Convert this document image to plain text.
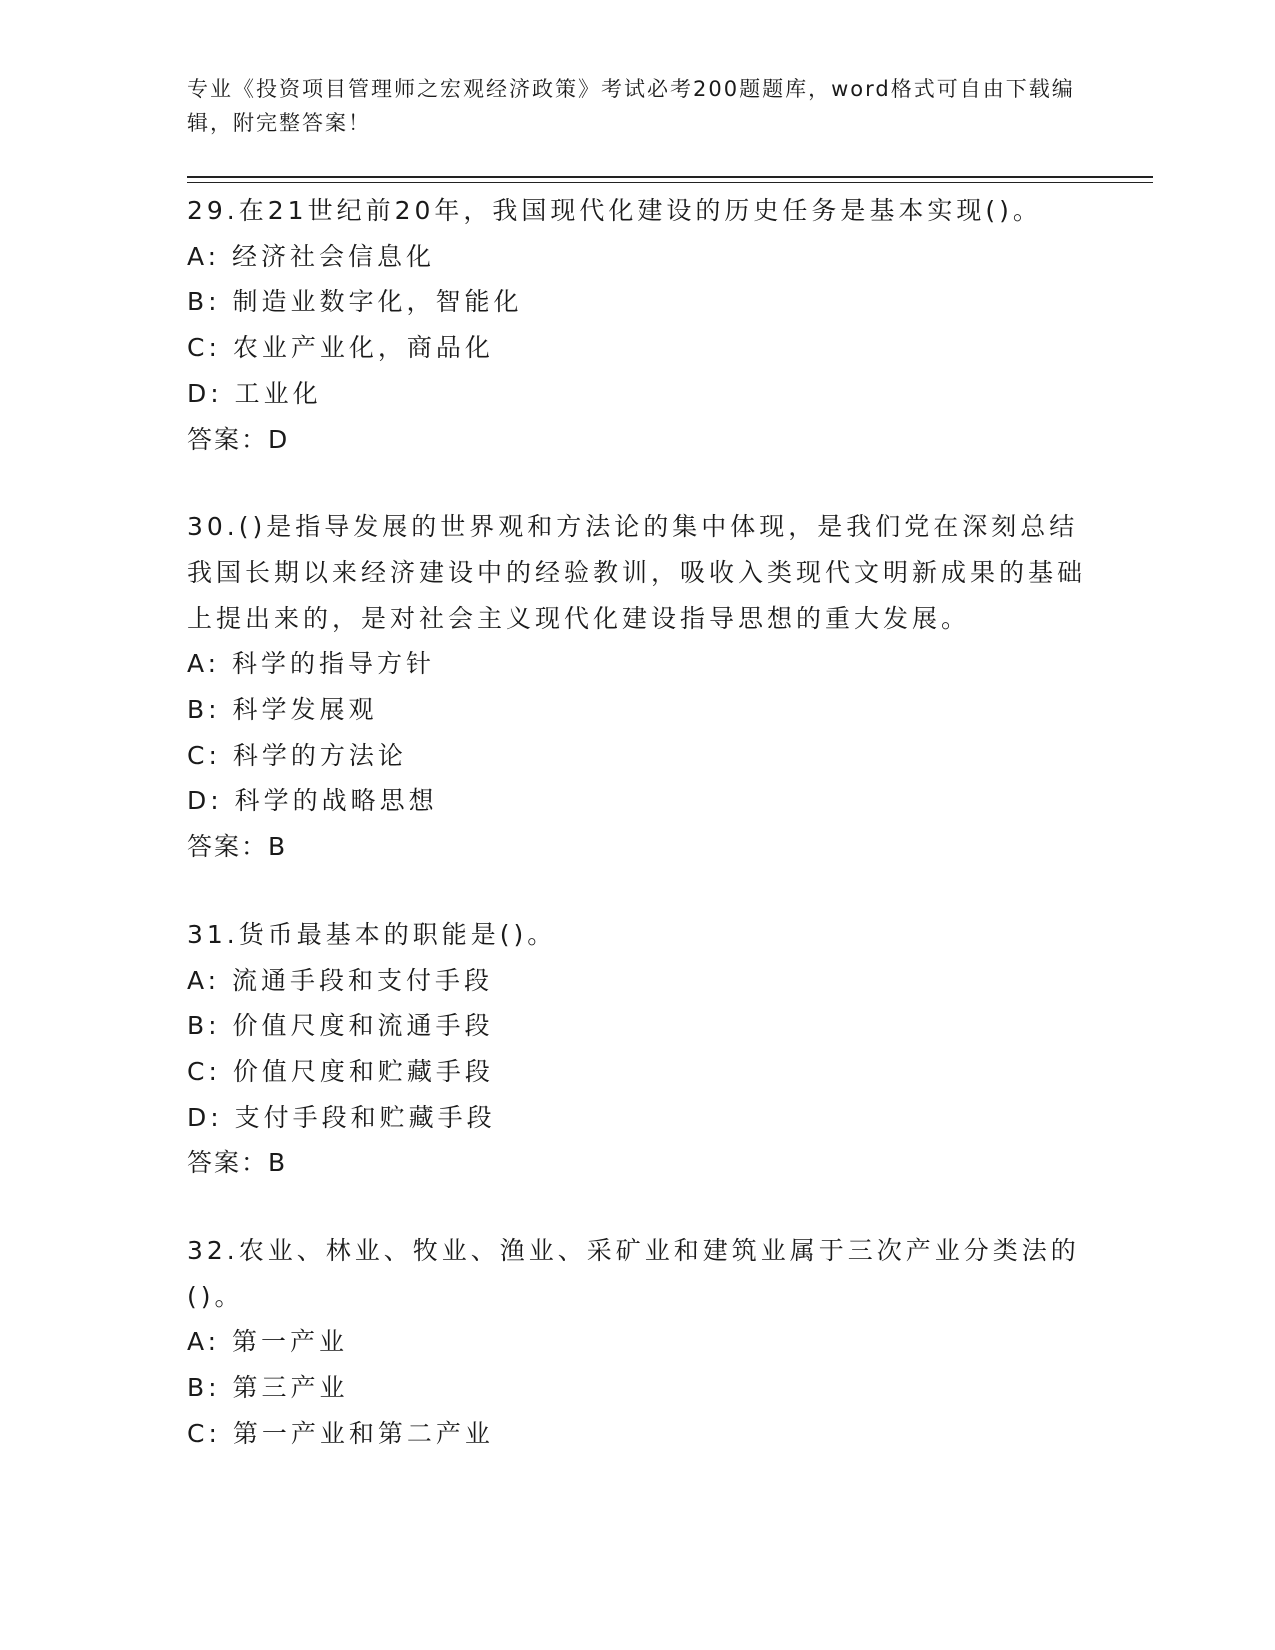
专业《投资项目管理师之宏观经济政策》考试必考200题题库，word格式可自由下载编辑，附完整答案！
29.在21世纪前20年，我国现代化建设的历史任务是基本实现()。
A: 经济社会信息化
B: 制造业数字化，智能化
C: 农业产业化，商品化
D: 工业化
答案：D
30.()是指导发展的世界观和方法论的集中体现，是我们党在深刻总结我国长期以来经济建设中的经验教训，吸收入类现代文明新成果的基础上提出来的，是对社会主义现代化建设指导思想的重大发展。
A: 科学的指导方针
B: 科学发展观
C: 科学的方法论
D: 科学的战略思想
答案：B
31.货币最基本的职能是()。
A: 流通手段和支付手段
B: 价值尺度和流通手段
C: 价值尺度和贮藏手段
D: 支付手段和贮藏手段
答案：B
32.农业、林业、牧业、渔业、采矿业和建筑业属于三次产业分类法的()。
A: 第一产业
B: 第三产业
C: 第一产业和第二产业
